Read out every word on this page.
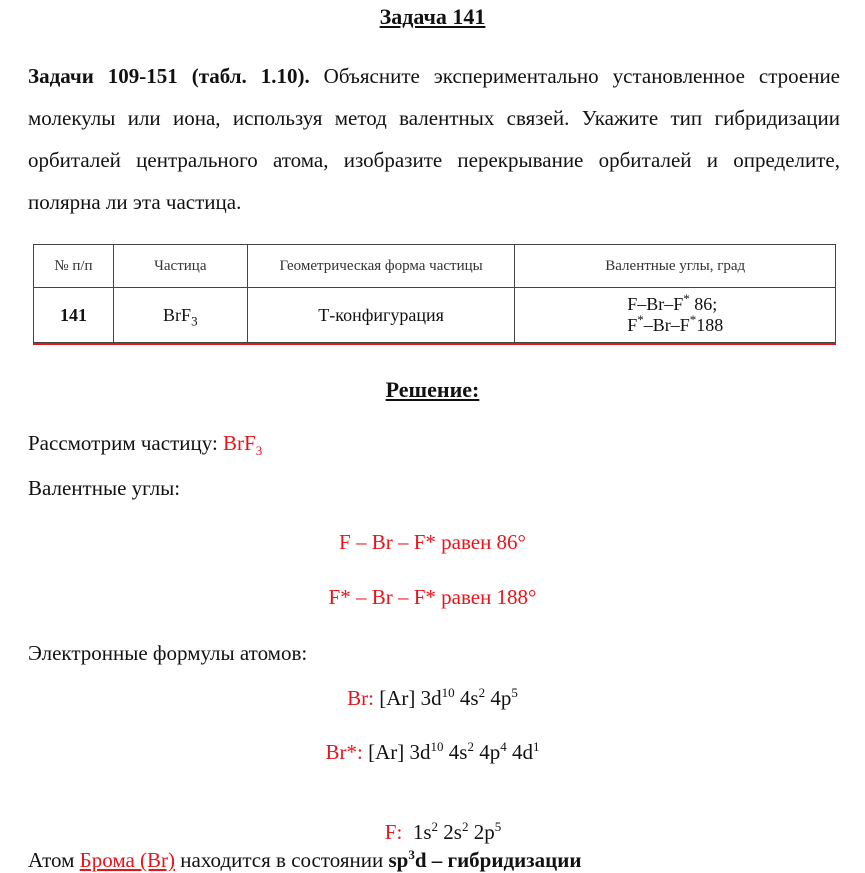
Задача 141
Задачи 109-151 (табл. 1.10). Объясните экспериментально установленное строение молекулы или иона, используя метод валентных связей. Укажите тип гибридизации орбиталей центрального атома, изобразите перекрывание орбиталей и определите, полярна ли эта частица.
№ п/п	Частица	Геометрическая форма частицы	Валентные углы, град
141	BrF$_3$	Т-конфигурация	F–Br–F* 86;
F*–Br–F*188
Решение:
Рассмотрим частицу: BrF$_3$
Валентные углы:
F – Br – F* равен 86°
F* – Br – F* равен 188°
Электронные формулы атомов:
Br: [Ar] $3d^{10}$ $4s^2$ $4p^5$
Br*: [Ar] $3d^{10}$ $4s^2$ $4p^4$ $4d^1$

F:  $1s^2$ $2s^2$ $2p^5$

Атом Брома (Br) находится в состоянии $sp^3d$ – гибридизации
